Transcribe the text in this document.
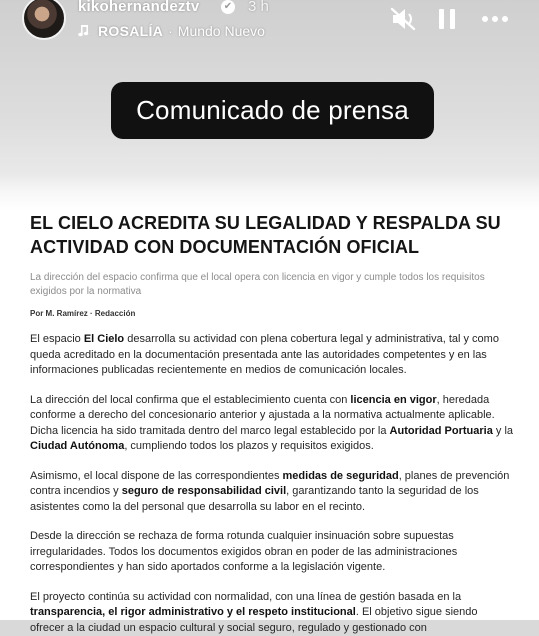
kikohernandeztv ✔ 3 h
ROSALÍA · Mundo Nuevo
Comunicado de prensa
EL CIELO ACREDITA SU LEGALIDAD Y RESPALDA SU ACTIVIDAD CON DOCUMENTACIÓN OFICIAL
La dirección del espacio confirma que el local opera con licencia en vigor y cumple todos los requisitos exigidos por la normativa
Por M. Ramírez · Redacción

El espacio El Cielo desarrolla su actividad con plena cobertura legal y administrativa, tal y como queda acreditado en la documentación presentada ante las autoridades competentes y en las informaciones publicadas recientemente en medios de comunicación locales.

La dirección del local confirma que el establecimiento cuenta con licencia en vigor, heredada conforme a derecho del concesionario anterior y ajustada a la normativa actualmente aplicable. Dicha licencia ha sido tramitada dentro del marco legal establecido por la Autoridad Portuaria y la Ciudad Autónoma, cumpliendo todos los plazos y requisitos exigidos.

Asimismo, el local dispone de las correspondientes medidas de seguridad, planes de prevención contra incendios y seguro de responsabilidad civil, garantizando tanto la seguridad de los asistentes como la del personal que desarrolla su labor en el recinto.

Desde la dirección se rechaza de forma rotunda cualquier insinuación sobre supuestas irregularidades. Todos los documentos exigidos obran en poder de las administraciones correspondientes y han sido aportados conforme a la legislación vigente.

El proyecto continúa su actividad con normalidad, con una línea de gestión basada en la transparencia, el rigor administrativo y el respeto institucional. El objetivo sigue siendo ofrecer a la ciudad un espacio cultural y social seguro, regulado y gestionado con
